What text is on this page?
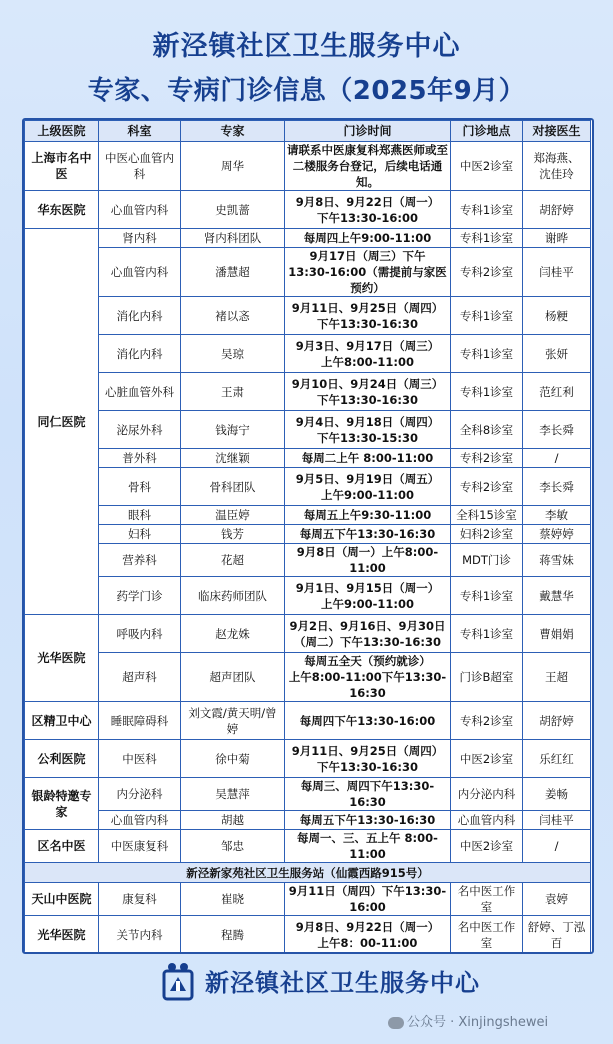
新泾镇社区卫生服务中心
专家、专病门诊信息（2025年9月）
上级医院	科室	专家	门诊时间	门诊地点	对接医生
上海市名中医	中医心血管内科	周华	请联系中医康复科郑燕医师或至
二楼服务台登记，后续电话通知。	中医2诊室	郑海燕、
沈佳玲
华东医院	心血管内科	史凯蔷	9月8日、9月22日（周一）
下午13:30-16:00	专科1诊室	胡舒婷
同仁医院	肾内科	肾内科团队	每周四上午9:00-11:00	专科1诊室	谢晔
	心血管内科	潘慧超	9月17日（周三）下午
13:30-16:00（需提前与家医预约）	专科2诊室	闫桂平
	消化内科	褚以忞	9月11日、9月25日（周四）
下午13:30-16:30	专科1诊室	杨粳
	消化内科	吴琼	9月3日、9月17日（周三）
上午8:00-11:00	专科1诊室	张妍
	心脏血管外科	王肃	9月10日、9月24日（周三）
下午13:30-16:30	专科1诊室	范红利
	泌尿外科	钱海宁	9月4日、9月18日（周四）
下午13:30-15:30	全科8诊室	李长舜
	普外科	沈继颖	每周二上午 8:00-11:00	专科2诊室	/
	骨科	骨科团队	9月5日、9月19日（周五）
上午9:00-11:00	专科2诊室	李长舜
	眼科	温臣婷	每周五上午9:30-11:00	全科15诊室	李敏
	妇科	钱芳	每周五下午13:30-16:30	妇科2诊室	蔡婷婷
	营养科	花超	9月8日（周一）上午8:00-11:00	MDT门诊	蒋雪妹
	药学门诊	临床药师团队	9月1日、9月15日（周一）
上午9:00-11:00	专科1诊室	戴慧华
光华医院	呼吸内科	赵龙姝	9月2日、9月16日、9月30日
（周二）下午13:30-16:30	专科1诊室	曹娟娟
	超声科	超声团队	每周五全天（预约就诊）
上午8:00-11:00下午13:30-16:30	门诊B超室	王超
区精卫中心	睡眠障碍科	刘文霞/黄天明/曾婷	每周四下午13:30-16:00	专科2诊室	胡舒婷
公利医院	中医科	徐中菊	9月11日、9月25日（周四）
下午13:30-16:30	中医2诊室	乐红红
银龄特邀专家	内分泌科	吴慧萍	每周三、周四下午13:30-16:30	内分泌内科	姜畅
	心血管内科	胡越	每周五下午13:30-16:30	心血管内科	闫桂平
区名中医	中医康复科	邹忠	每周一、三、五上午 8:00-11:00	中医2诊室	/
新泾新家苑社区卫生服务站（仙霞西路915号）					
天山中医院	康复科	崔晓	9月11日（周四）下午13:30-16:00	名中医工作室	袁婷
光华医院	关节内科	程腾	9月8日、9月22日（周一）
上午8：00-11:00	名中医工作室	舒婷、丁泓百

新泾镇社区卫生服务中心
公众号 · Xinjingshewei
